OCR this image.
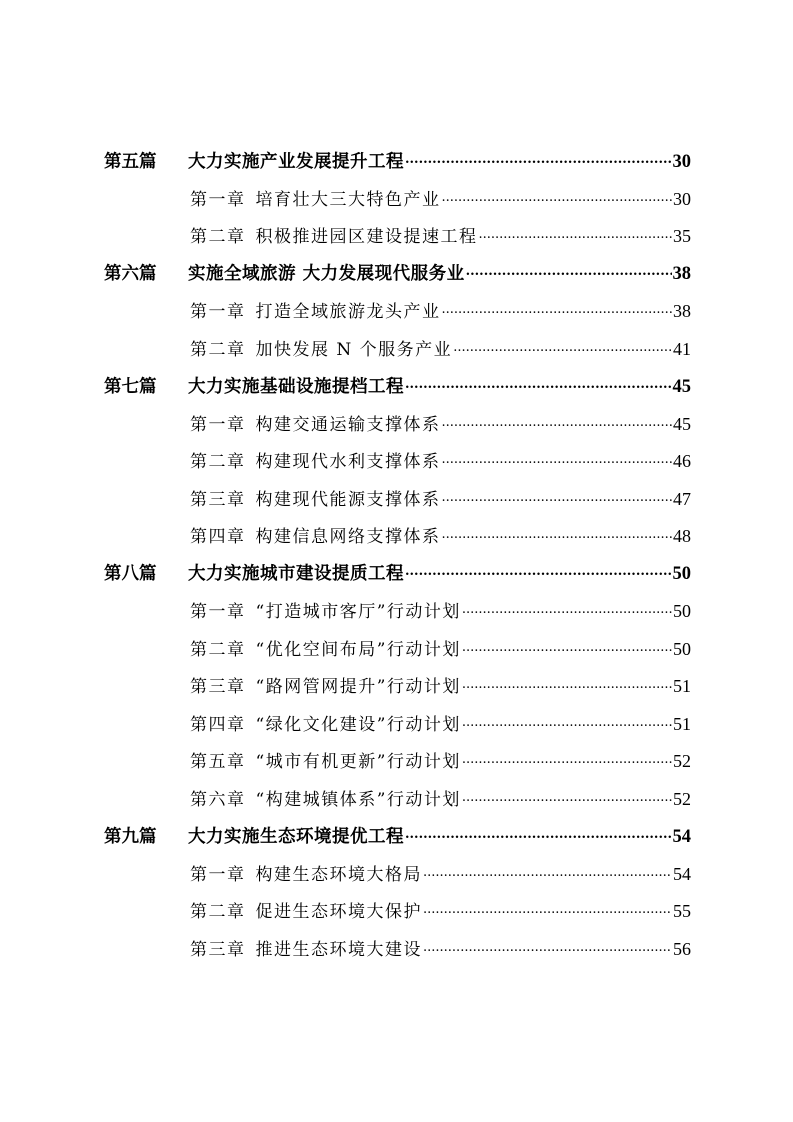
第五篇	大力实施产业发展提升工程 .....	30
第一章 培育壮大三大特色产业 .....	30
第二章 积极推进园区建设提速工程 .....	35
第六篇	实施全域旅游 大力发展现代服务业 .....	38
第一章 打造全域旅游龙头产业 .....	38
第二章 加快发展 N 个服务产业 .....	41
第七篇	大力实施基础设施提档工程 .....	45
第一章 构建交通运输支撑体系 .....	45
第二章 构建现代水利支撑体系 .....	46
第三章 构建现代能源支撑体系 .....	47
第四章 构建信息网络支撑体系 .....	48
第八篇	大力实施城市建设提质工程 .....	50
第一章 “打造城市客厅”行动计划 .....	50
第二章 “优化空间布局”行动计划 .....	50
第三章 “路网管网提升”行动计划 .....	51
第四章 “绿化文化建设”行动计划 .....	51
第五章 “城市有机更新”行动计划 .....	52
第六章 “构建城镇体系”行动计划 .....	52
第九篇	大力实施生态环境提优工程 .....	54
第一章 构建生态环境大格局 .....	54
第二章 促进生态环境大保护 .....	55
第三章 推进生态环境大建设 .....	56
